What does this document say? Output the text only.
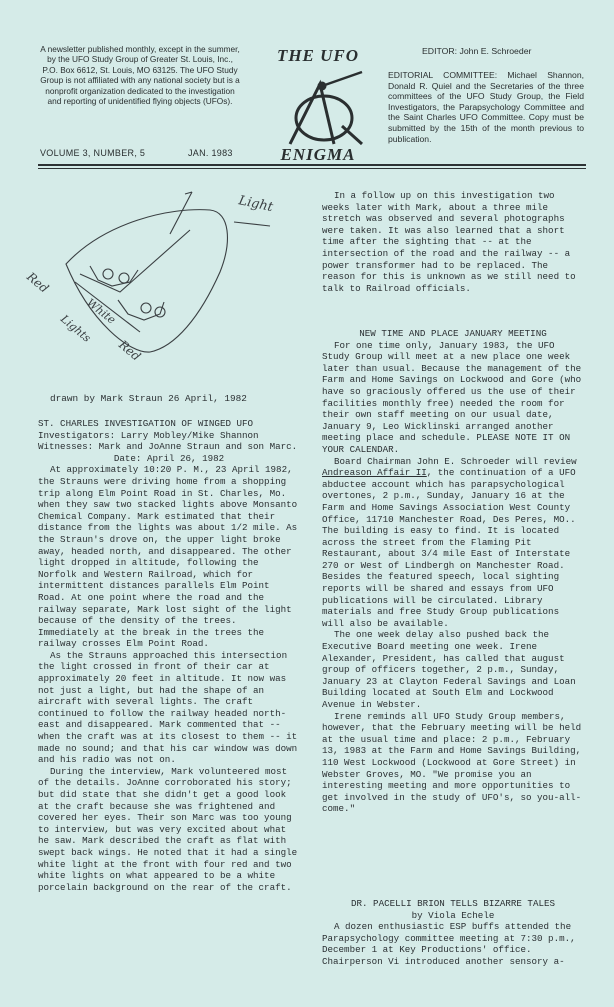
A newsletter published monthly, except in the summer, by the UFO Study Group of Greater St. Louis, Inc., P.O. Box 6612, St. Louis, MO 63125. The UFO Study Group is not affiliated with any national society but is a nonprofit organization dedicated to the investigation and reporting of unidentified flying objects (UFOs).
VOLUME 3, NUMBER, 5	JAN. 1983
THE UFO
ENIGMA
EDITOR: John E. Schroeder
EDITORIAL COMMITTEE: Michael Shannon, Donald R. Quiel and the Secretaries of the three committees of the UFO Study Group, the Field Investigators, the Parapsychology Committee and the Saint Charles UFO Committee. Copy must be submitted by the 15th of the month previous to publication.
Light
Red
White
Lights
Red
drawn by Mark Straun 26 April, 1982

ST. CHARLES INVESTIGATION OF WINGED UFO

Investigators: Larry Mobley/Mike Shannon

Witnesses: Mark and JoAnne Straun and son Marc.

Date: April 26, 1982

At approximately 10:20 P. M., 23 April 1982, the Strauns were driving home from a shopping trip along Elm Point Road in St. Charles, Mo. when they saw two stacked lights above Monsanto Chemical Company. Mark estimated that their distance from the lights was about 1/2 mile. As the Straun's drove on, the upper light broke away, headed north, and disappeared. The other light dropped in altitude, following the Norfolk and Western Railroad, which for intermittent distances parallels Elm Point Road. At one point where the road and the railway separate, Mark lost sight of the light because of the density of the trees. Immediately at the break in the trees the railway crosses Elm Point Road.

As the Strauns approached this intersection the light crossed in front of their car at approximately 20 feet in altitude. It now was not just a light, but had the shape of an aircraft with several lights. The craft continued to follow the railway headed north-east and disappeared. Mark commented that -- when the craft was at its closest to them -- it made no sound; and that his car window was down and his radio was not on.

During the interview, Mark volunteered most of the details. JoAnne corroborated his story; but did state that she didn't get a good look at the craft because she was frightened and covered her eyes. Their son Marc was too young to interview, but was very excited about what he saw. Mark described the craft as flat with swept back wings. He noted that it had a single white light at the front with four red and two white lights on what appeared to be a white porcelain background on the rear of the craft.

In a follow up on this investigation two weeks later with Mark, about a three mile stretch was observed and several photographs were taken. It was also learned that a short time after the sighting that -- at the intersection of the road and the railway -- a power transformer had to be replaced. The reason for this is unknown as we still need to talk to Railroad officials.

NEW TIME AND PLACE JANUARY MEETING

For one time only, January 1983, the UFO Study Group will meet at a new place one week later than usual. Because the management of the Farm and Home Savings on Lockwood and Gore (who have so graciously offered us the use of their facilities monthly free) needed the room for their own staff meeting on our usual date, January 9, Leo Wicklinski arranged another meeting place and schedule. PLEASE NOTE IT ON YOUR CALENDAR.

Board Chairman John E. Schroeder will review Andreason Affair II, the continuation of a UFO abductee account which has parapsychological overtones, 2 p.m., Sunday, January 16 at the Farm and Home Savings Association West County Office, 11710 Manchester Road, Des Peres, MO.. The building is easy to find. It is located across the street from the Flaming Pit Restaurant, about 3/4 mile East of Interstate 270 or West of Lindbergh on Manchester Road. Besides the featured speech, local sighting reports will be shared and essays from UFO publications will be circulated. Library materials and free Study Group publications will also be available.

The one week delay also pushed back the Executive Board meeting one week. Irene Alexander, President, has called that august group of officers together, 2 p.m., Sunday, January 23 at Clayton Federal Savings and Loan Building located at South Elm and Lockwood Avenue in Webster.

Irene reminds all UFO Study Group members, however, that the February meeting will be held at the usual time and place: 2 p.m., February 13, 1983 at the Farm and Home Savings Building, 110 West Lockwood (Lockwood at Gore Street) in Webster Groves, MO. "We promise you an interesting meeting and more opportunities to get involved in the study of UFO's, so you-all-come."

DR. PACELLI BRION TELLS BIZARRE TALES

by Viola Echele

A dozen enthusiastic ESP buffs attended the Parapsychology committee meeting at 7:30 p.m., December 1 at Key Productions' office. Chairperson Vi introduced another sensory a-
